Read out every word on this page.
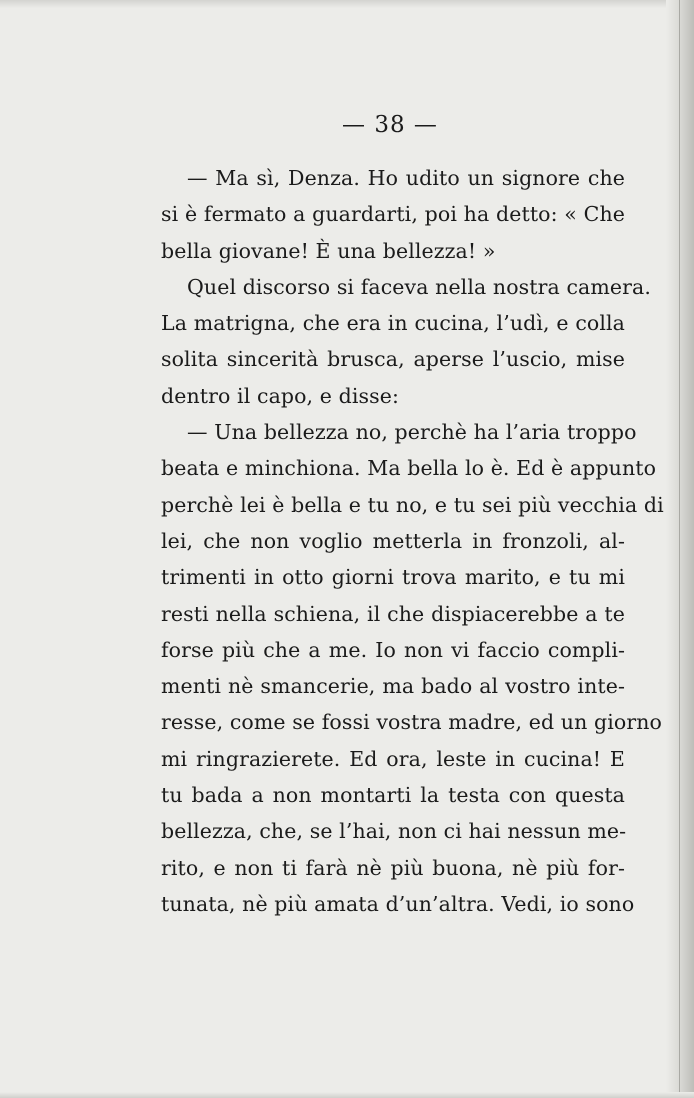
— 38 —
— Ma sì, Denza. Ho udito un signore che
si è fermato a guardarti, poi ha detto: « Che
bella giovane! È una bellezza! »
Quel discorso si faceva nella nostra camera.
La matrigna, che era in cucina, l’udì, e colla
solita sincerità brusca, aperse l’uscio, mise
dentro il capo, e disse:
— Una bellezza no, perchè ha l’aria troppo
beata e minchiona. Ma bella lo è. Ed è appunto
perchè lei è bella e tu no, e tu sei più vecchia di
lei, che non voglio metterla in fronzoli, al-
trimenti in otto giorni trova marito, e tu mi
resti nella schiena, il che dispiacerebbe a te
forse più che a me. Io non vi faccio compli-
menti nè smancerie, ma bado al vostro inte-
resse, come se fossi vostra madre, ed un giorno
mi ringrazierete. Ed ora, leste in cucina! E
tu bada a non montarti la testa con questa
bellezza, che, se l’hai, non ci hai nessun me-
rito, e non ti farà nè più buona, nè più for-
tunata, nè più amata d’un’altra. Vedi, io sono
